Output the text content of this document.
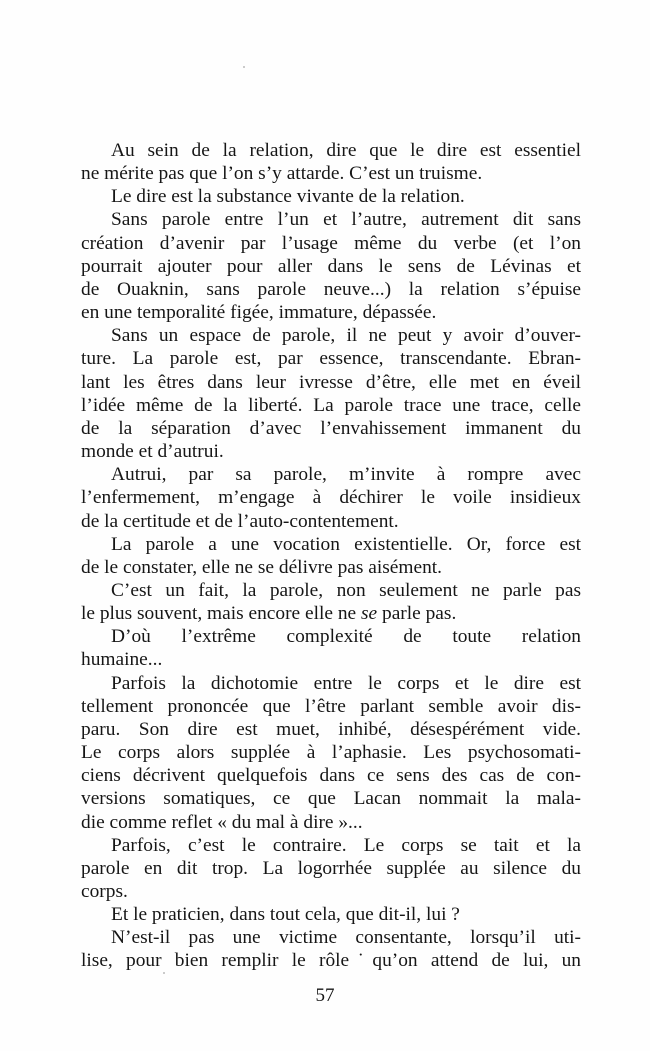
Au sein de la relation, dire que le dire est essentiel
ne mérite pas que l’on s’y attarde. C’est un truisme.
Le dire est la substance vivante de la relation.
Sans parole entre l’un et l’autre, autrement dit sans
création d’avenir par l’usage même du verbe (et l’on
pourrait ajouter pour aller dans le sens de Lévinas et
de Ouaknin, sans parole neuve...) la relation s’épuise
en une temporalité figée, immature, dépassée.
Sans un espace de parole, il ne peut y avoir d’ouver-
ture. La parole est, par essence, transcendante. Ebran-
lant les êtres dans leur ivresse d’être, elle met en éveil
l’idée même de la liberté. La parole trace une trace, celle
de la séparation d’avec l’envahissement immanent du
monde et d’autrui.
Autrui, par sa parole, m’invite à rompre avec
l’enfermement, m’engage à déchirer le voile insidieux
de la certitude et de l’auto-contentement.
La parole a une vocation existentielle. Or, force est
de le constater, elle ne se délivre pas aisément.
C’est un fait, la parole, non seulement ne parle pas
le plus souvent, mais encore elle ne se parle pas.
D’où l’extrême complexité de toute relation
humaine...
Parfois la dichotomie entre le corps et le dire est
tellement prononcée que l’être parlant semble avoir dis-
paru. Son dire est muet, inhibé, désespérément vide.
Le corps alors supplée à l’aphasie. Les psychosomati-
ciens décrivent quelquefois dans ce sens des cas de con-
versions somatiques, ce que Lacan nommait la mala-
die comme reflet « du mal à dire »...
Parfois, c’est le contraire. Le corps se tait et la
parole en dit trop. La logorrhée supplée au silence du
corps.
Et le praticien, dans tout cela, que dit-il, lui ?
N’est-il pas une victime consentante, lorsqu’il uti-
lise, pour bien remplir le rôle˙qu’on attend de lui, un
57
